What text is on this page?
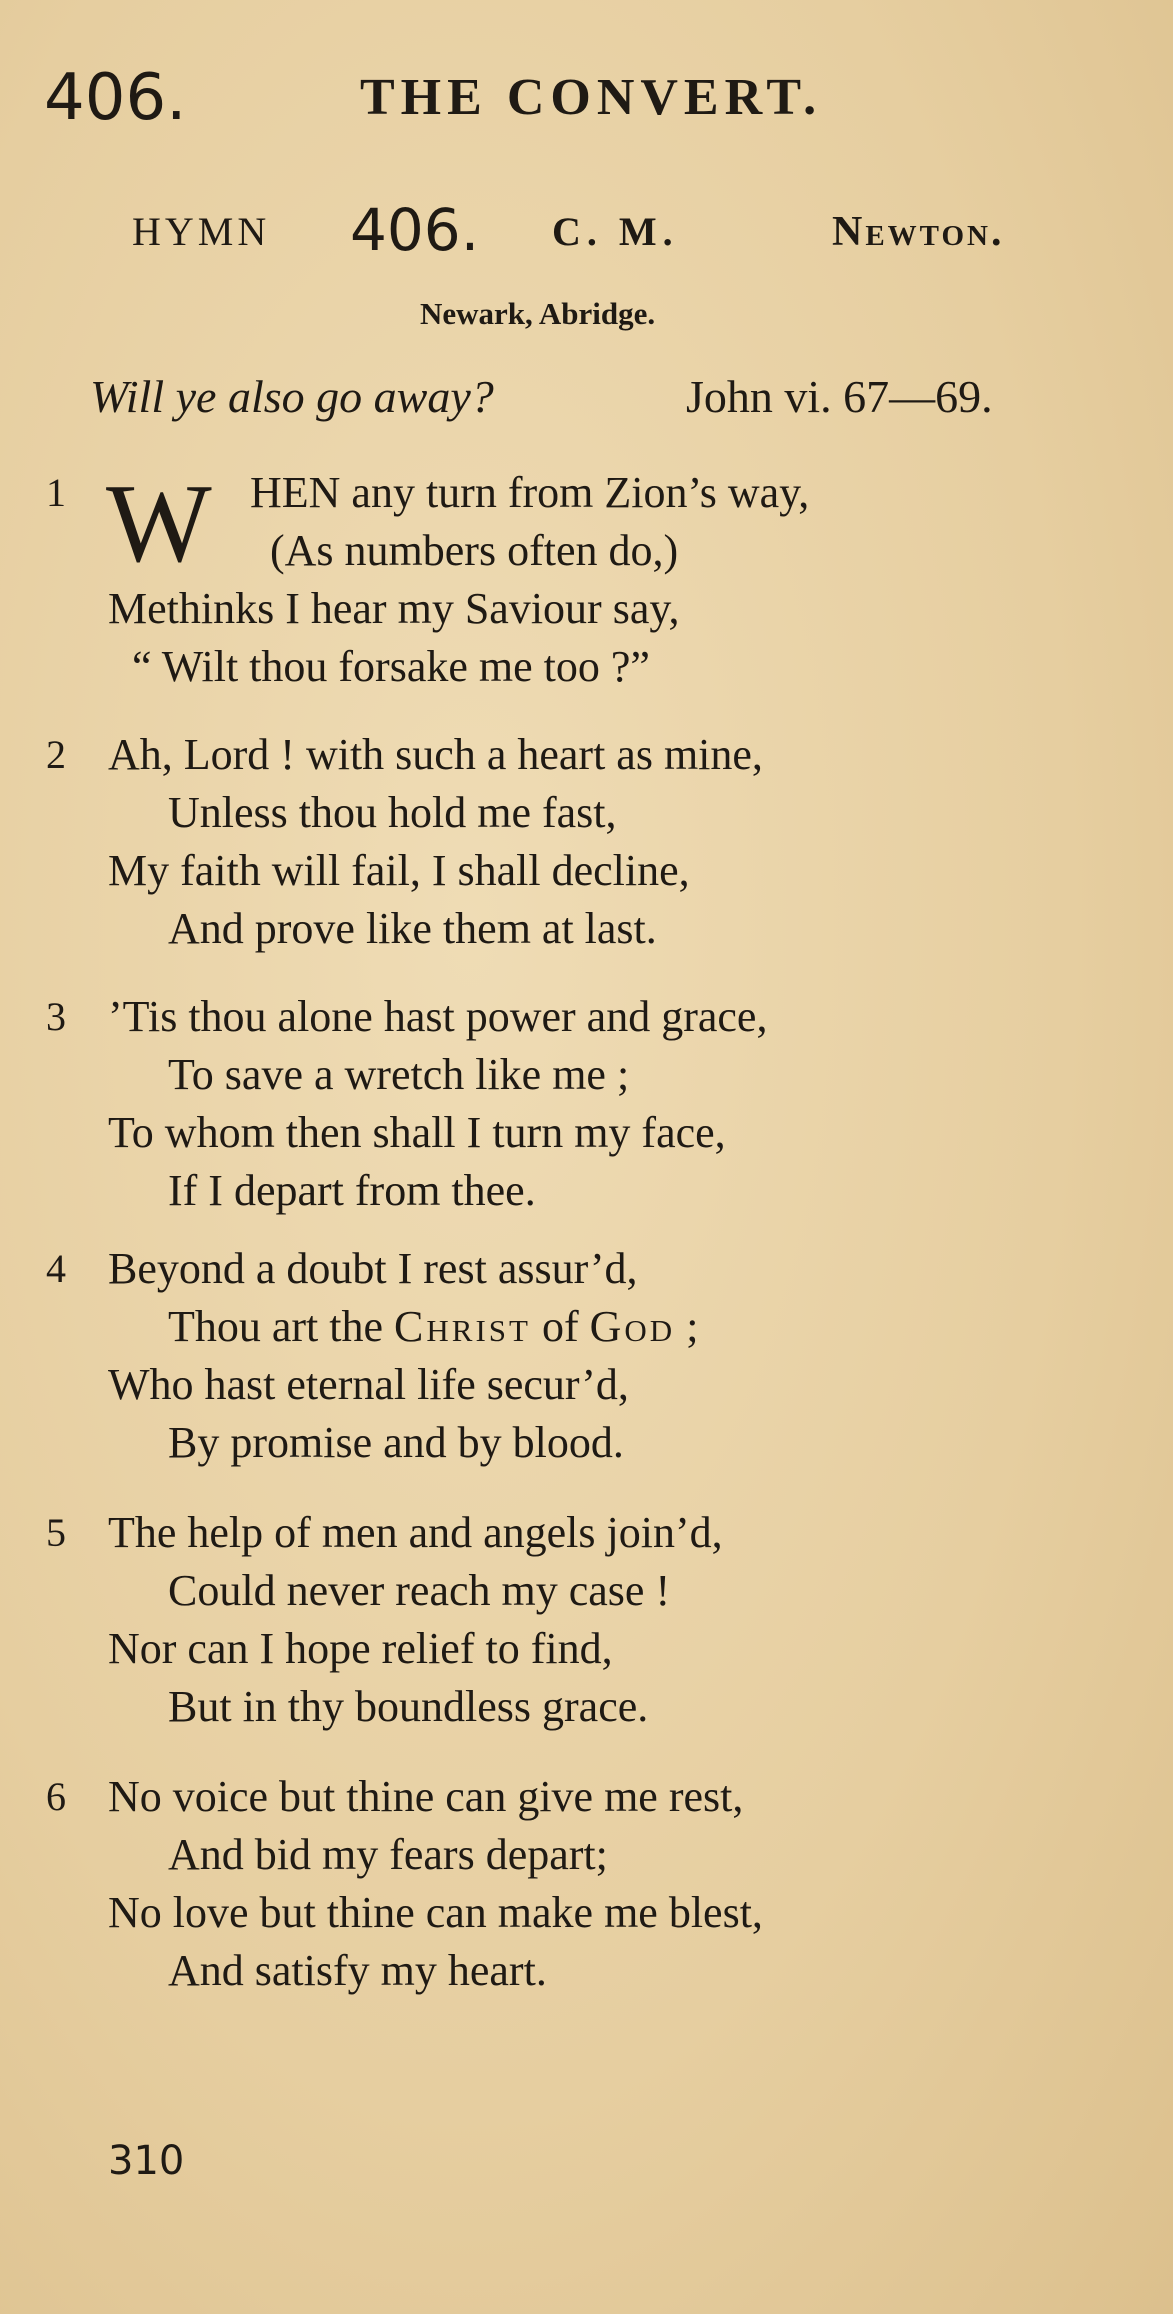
406.	THE CONVERT.
HYMN 406. C. M.	Newton.
Newark, Abridge.
Will ye also go away?	John vi. 67—69.
1 W HEN any turn from Zion’s way,
(As numbers often do,)
Methinks I hear my Saviour say,
“ Wilt thou forsake me too ?”
2 Ah, Lord ! with such a heart as mine,
Unless thou hold me fast,
My faith will fail, I shall decline,
And prove like them at last.
3 ’Tis thou alone hast power and grace,
To save a wretch like me ;
To whom then shall I turn my face,
If I depart from thee.
4 Beyond a doubt I rest assur’d,
Thou art the Christ of God ;
Who hast eternal life secur’d,
By promise and by blood.
5 The help of men and angels join’d,
Could never reach my case !
Nor can I hope relief to find,
But in thy boundless grace.
6 No voice but thine can give me rest,
And bid my fears depart;
No love but thine can make me blest,
And satisfy my heart.
310
